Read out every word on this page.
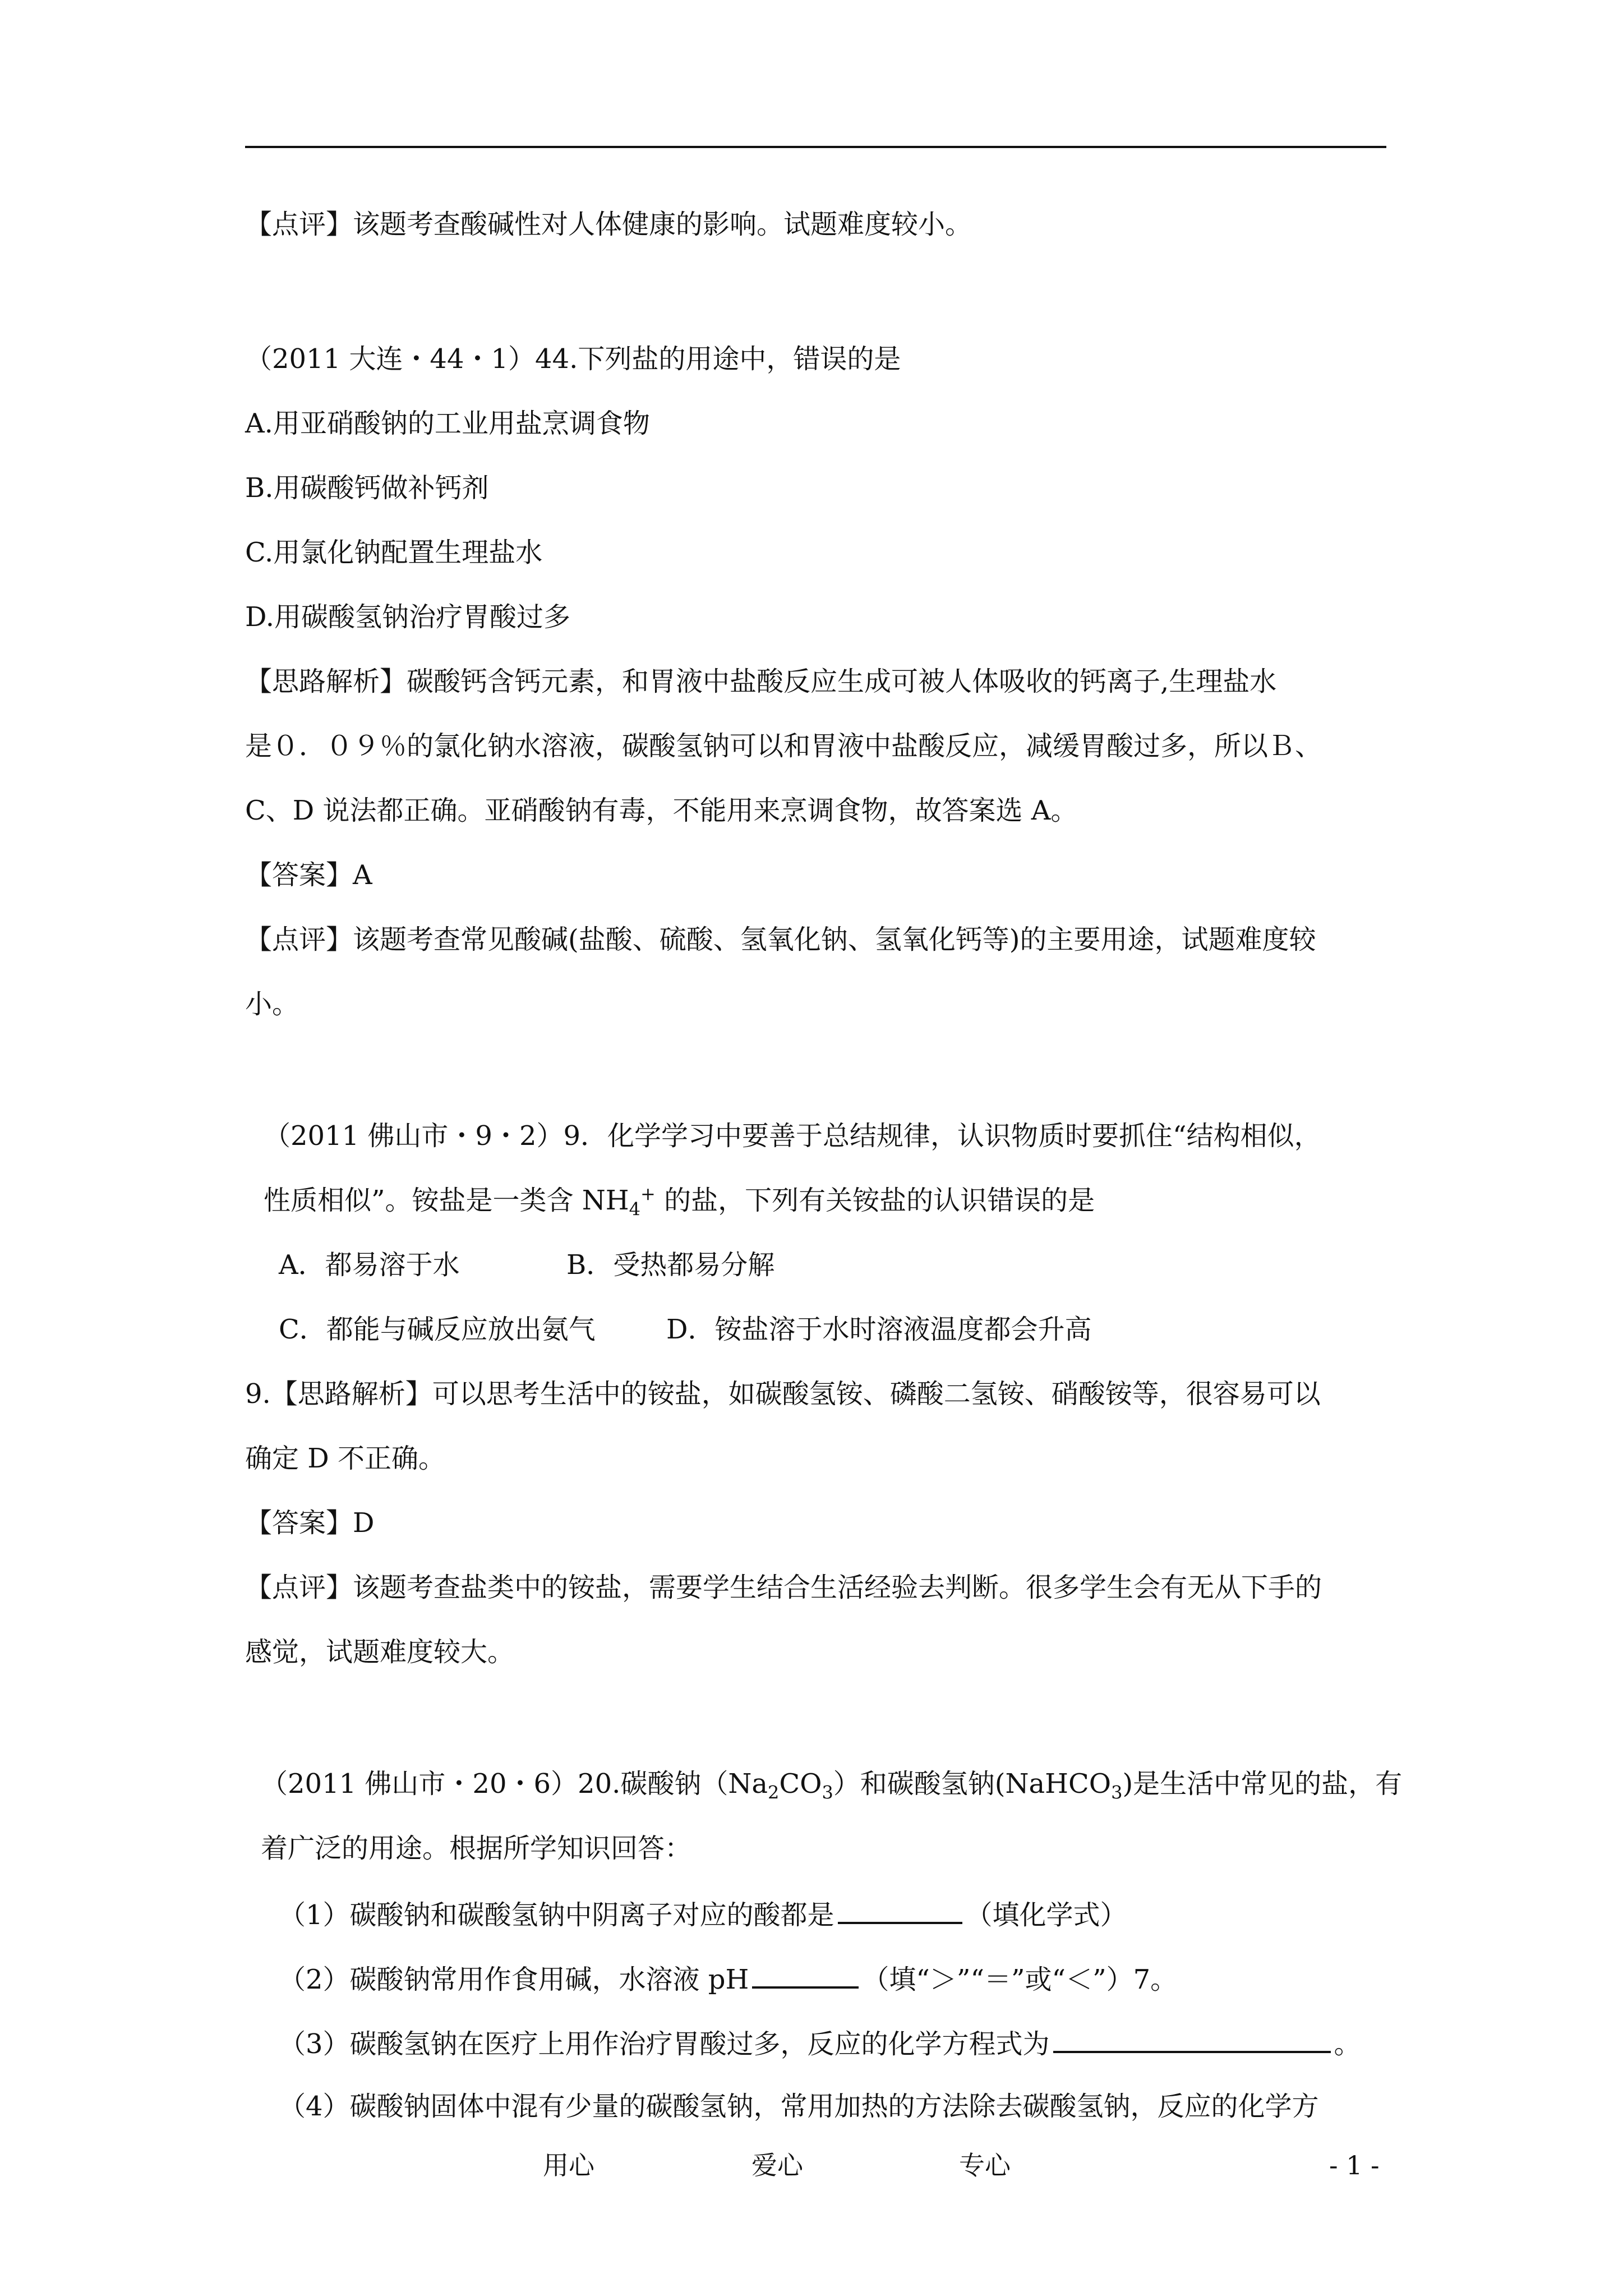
【点评】该题考查酸碱性对人体健康的影响。试题难度较小。
（2011 大连・44・1）44.下列盐的用途中，错误的是
A.用亚硝酸钠的工业用盐烹调食物
B.用碳酸钙做补钙剂
C.用氯化钠配置生理盐水
D.用碳酸氢钠治疗胃酸过多
【思路解析】碳酸钙含钙元素，和胃液中盐酸反应生成可被人体吸收的钙离子,生理盐水
是０．０９％的氯化钠水溶液，碳酸氢钠可以和胃液中盐酸反应，减缓胃酸过多，所以Ｂ、
C、D 说法都正确。亚硝酸钠有毒，不能用来烹调食物，故答案选 A。
【答案】A
【点评】该题考查常见酸碱(盐酸、硫酸、氢氧化钠、氢氧化钙等)的主要用途，试题难度较
小。
（2011 佛山市・9・2）9．化学学习中要善于总结规律，认识物质时要抓住“结构相似，
性质相似”。铵盐是一类含 $NH_4^+$ 的盐，下列有关铵盐的认识错误的是
A．都易溶于水	B．受热都易分解
C．都能与碱反应放出氨气	D．铵盐溶于水时溶液温度都会升高
9.【思路解析】可以思考生活中的铵盐，如碳酸氢铵、磷酸二氢铵、硝酸铵等，很容易可以
确定 D 不正确。
【答案】D
【点评】该题考查盐类中的铵盐，需要学生结合生活经验去判断。很多学生会有无从下手的
感觉，试题难度较大。
（2011 佛山市・20・6）20.碳酸钠$(Na_2CO_3)$和碳酸氢钠(NaHCO$_3$)是生活中常见的盐，有
着广泛的用途。根据所学知识回答：
（1）碳酸钠和碳酸氢钠中阴离子对应的酸都是	（填化学式）
（2）碳酸钠常用作食用碱，水溶液 pH	（填“＞”“＝”或“＜”）7。
（3）碳酸氢钠在医疗上用作治疗胃酸过多，反应的化学方程式为	。
（4）碳酸钠固体中混有少量的碳酸氢钠，常用加热的方法除去碳酸氢钠，反应的化学方
用心	爱心	专心	- 1 -
